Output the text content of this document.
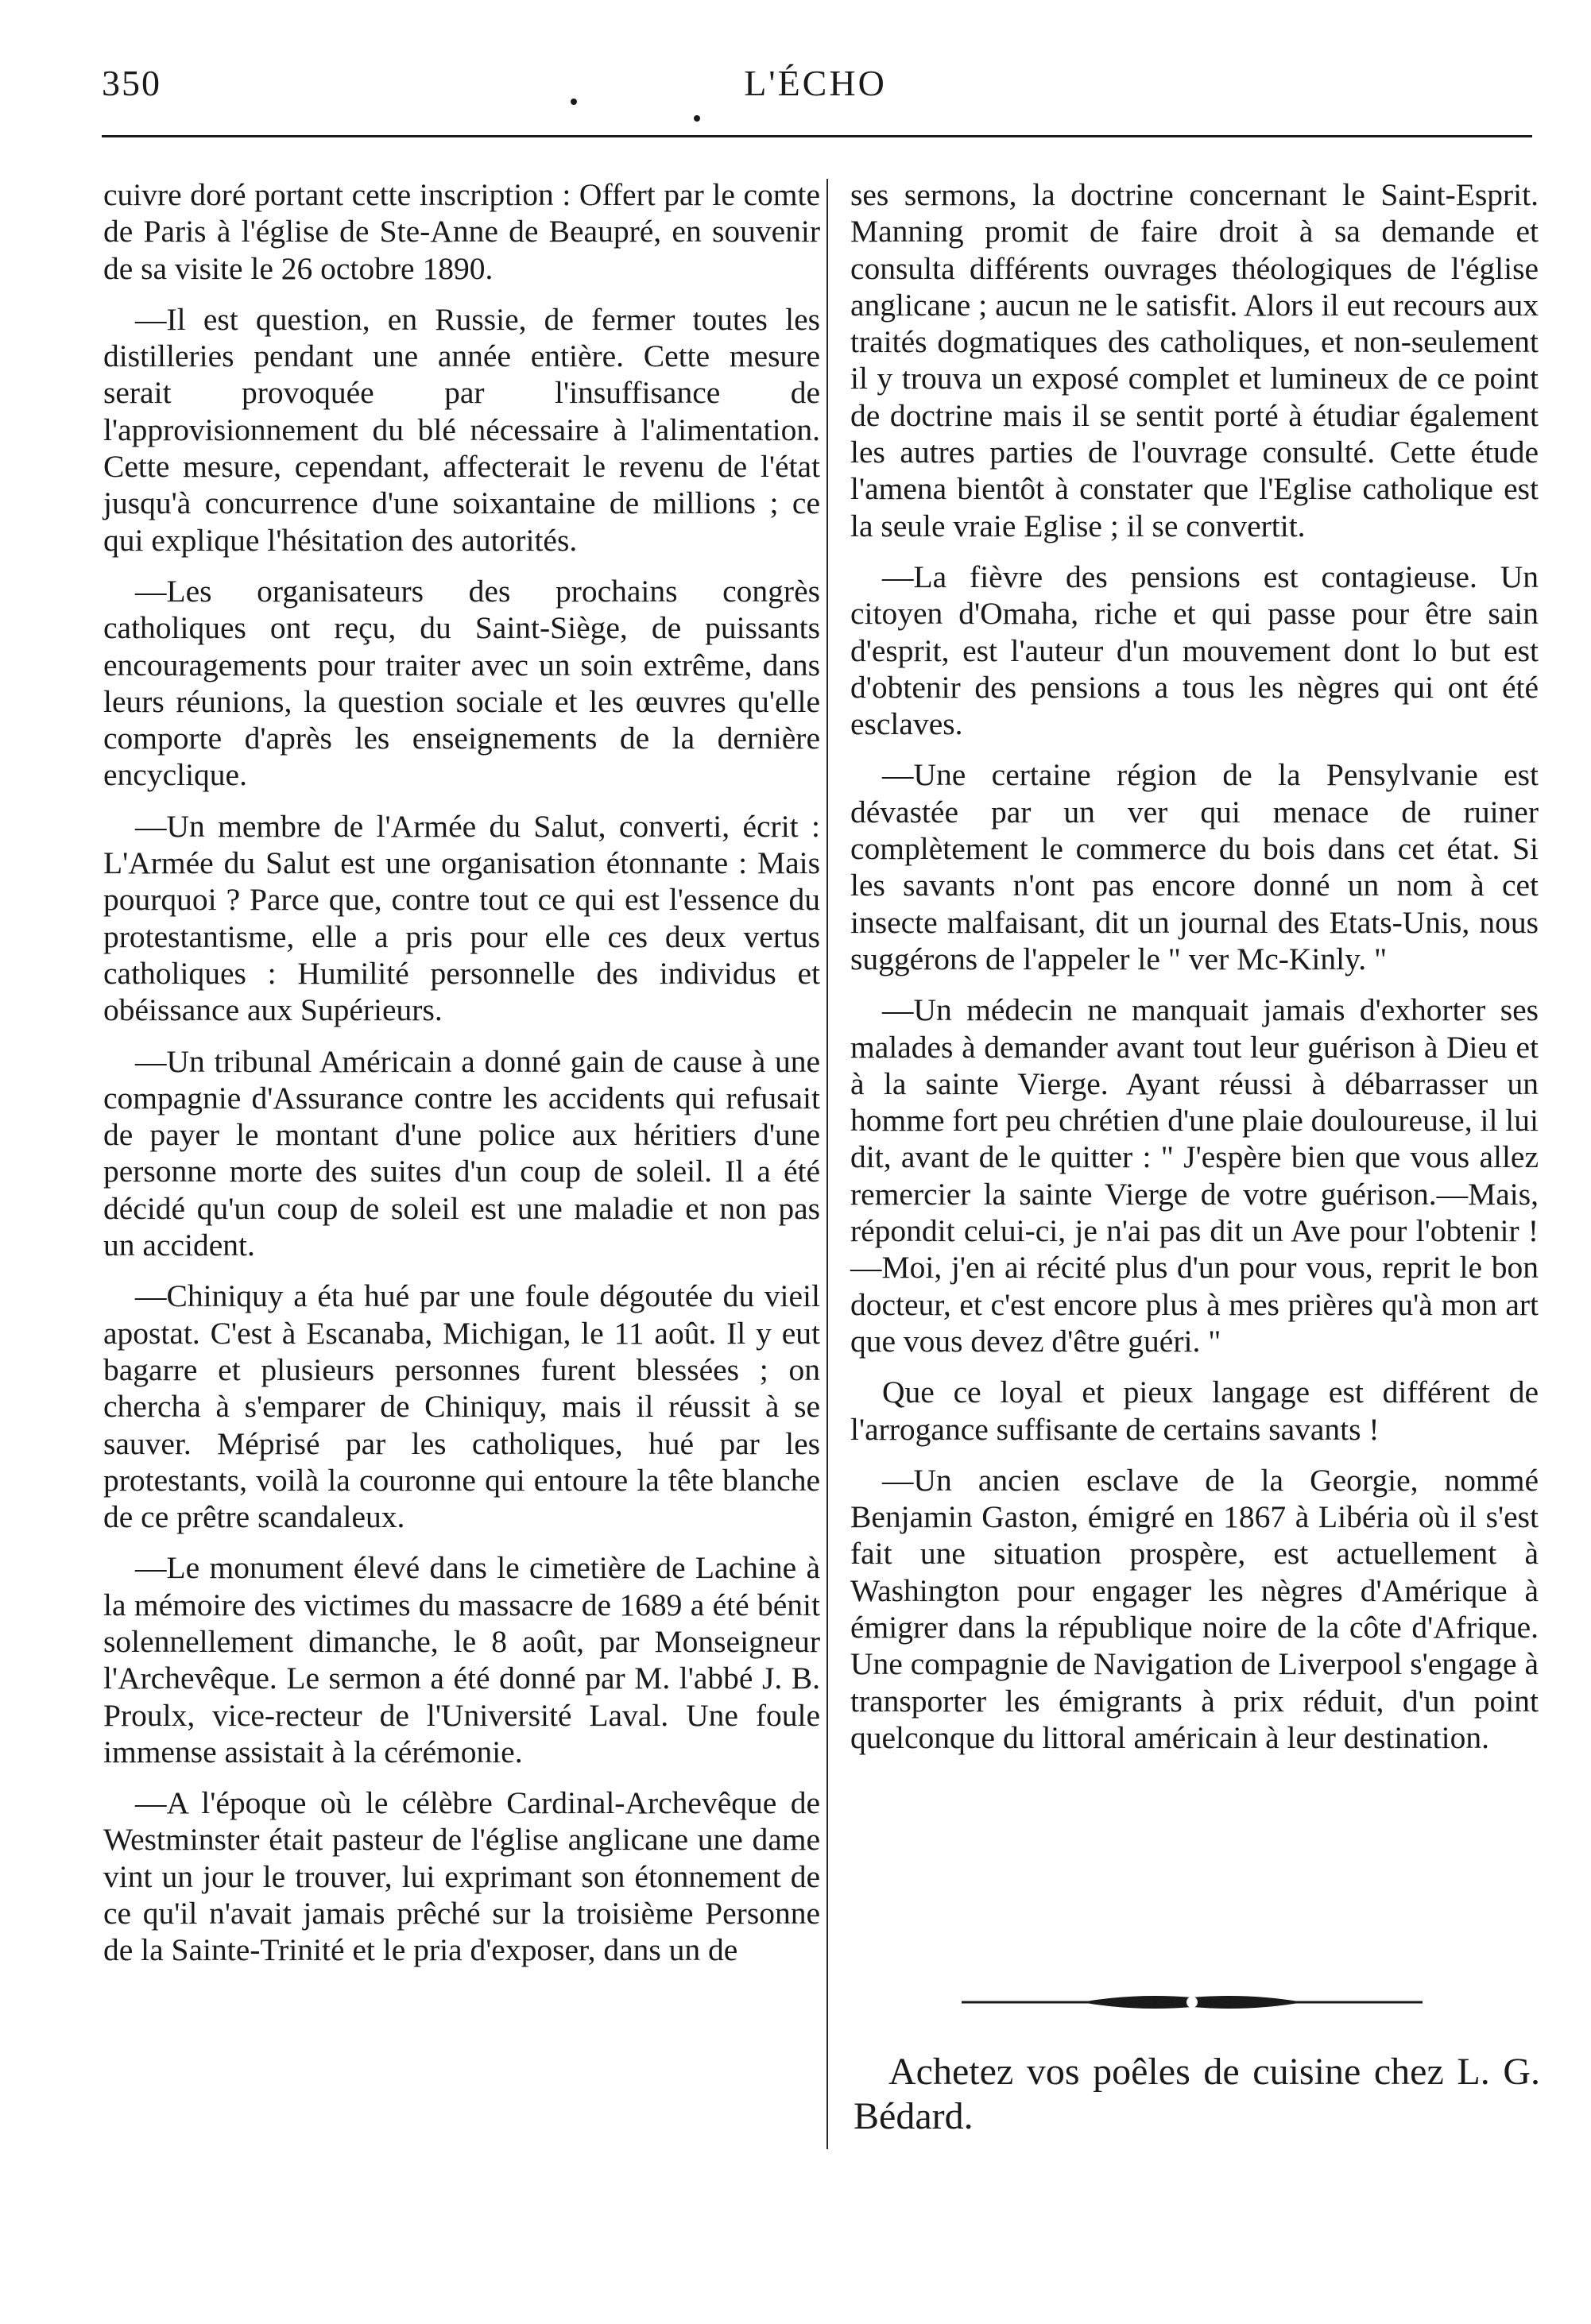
350	L'ÉCHO

cuivre doré portant cette inscription : Offert par le comte de Paris à l'église de Ste-Anne de Beaupré, en souvenir de sa visite le 26 octobre 1890.

—Il est question, en Russie, de fermer toutes les distilleries pendant une année entière. Cette mesure serait provoquée par l'insuffisance de l'approvisionnement du blé nécessaire à l'alimentation. Cette mesure, cependant, affecterait le revenu de l'état jusqu'à concurrence d'une soixantaine de millions ; ce qui explique l'hésitation des autorités.

—Les organisateurs des prochains congrès catholiques ont reçu, du Saint-Siège, de puissants encouragements pour traiter avec un soin extrême, dans leurs réunions, la question sociale et les œuvres qu'elle comporte d'après les enseignements de la dernière encyclique.

—Un membre de l'Armée du Salut, converti, écrit : L'Armée du Salut est une organisation étonnante : Mais pourquoi ? Parce que, contre tout ce qui est l'essence du protestantisme, elle a pris pour elle ces deux vertus catholiques : Humilité personnelle des individus et obéissance aux Supérieurs.

—Un tribunal Américain a donné gain de cause à une compagnie d'Assurance contre les accidents qui refusait de payer le montant d'une police aux héritiers d'une personne morte des suites d'un coup de soleil. Il a été décidé qu'un coup de soleil est une maladie et non pas un accident.

—Chiniquy a éta hué par une foule dégoutée du vieil apostat. C'est à Escanaba, Michigan, le 11 août. Il y eut bagarre et plusieurs personnes furent blessées ; on chercha à s'emparer de Chiniquy, mais il réussit à se sauver. Méprisé par les catholiques, hué par les protestants, voilà la couronne qui entoure la tête blanche de ce prêtre scandaleux.

—Le monument élevé dans le cimetière de Lachine à la mémoire des victimes du massacre de 1689 a été bénit solennellement dimanche, le 8 août, par Monseigneur l'Archevêque. Le sermon a été donné par M. l'abbé J. B. Proulx, vice-recteur de l'Université Laval. Une foule immense assistait à la cérémonie.

—A l'époque où le célèbre Cardinal-Archevêque de Westminster était pasteur de l'église anglicane une dame vint un jour le trouver, lui exprimant son étonnement de ce qu'il n'avait jamais prêché sur la troisième Personne de la Sainte-Trinité et le pria d'exposer, dans un de

ses sermons, la doctrine concernant le Saint-Esprit. Manning promit de faire droit à sa demande et consulta différents ouvrages théologiques de l'église anglicane ; aucun ne le satisfit. Alors il eut recours aux traités dogmatiques des catholiques, et non-seulement il y trouva un exposé complet et lumineux de ce point de doctrine mais il se sentit porté à étudiar également les autres parties de l'ouvrage consulté. Cette étude l'amena bientôt à constater que l'Eglise catholique est la seule vraie Eglise ; il se convertit.

—La fièvre des pensions est contagieuse. Un citoyen d'Omaha, riche et qui passe pour être sain d'esprit, est l'auteur d'un mouvement dont lo but est d'obtenir des pensions a tous les nègres qui ont été esclaves.

—Une certaine région de la Pensylvanie est dévastée par un ver qui menace de ruiner complètement le commerce du bois dans cet état. Si les savants n'ont pas encore donné un nom à cet insecte malfaisant, dit un journal des Etats-Unis, nous suggérons de l'appeler le " ver Mc-Kinly. "

—Un médecin ne manquait jamais d'exhorter ses malades à demander avant tout leur guérison à Dieu et à la sainte Vierge. Ayant réussi à débarrasser un homme fort peu chrétien d'une plaie douloureuse, il lui dit, avant de le quitter : " J'espère bien que vous allez remercier la sainte Vierge de votre guérison.—Mais, répondit celui-ci, je n'ai pas dit un Ave pour l'obtenir !—Moi, j'en ai récité plus d'un pour vous, reprit le bon docteur, et c'est encore plus à mes prières qu'à mon art que vous devez d'être guéri. "

Que ce loyal et pieux langage est différent de l'arrogance suffisante de certains savants !

—Un ancien esclave de la Georgie, nommé Benjamin Gaston, émigré en 1867 à Libéria où il s'est fait une situation prospère, est actuellement à Washington pour engager les nègres d'Amérique à émigrer dans la république noire de la côte d'Afrique. Une compagnie de Navigation de Liverpool s'engage à transporter les émigrants à prix réduit, d'un point quelconque du littoral américain à leur destination.

Achetez vos poêles de cuisine chez L. G. Bédard.
